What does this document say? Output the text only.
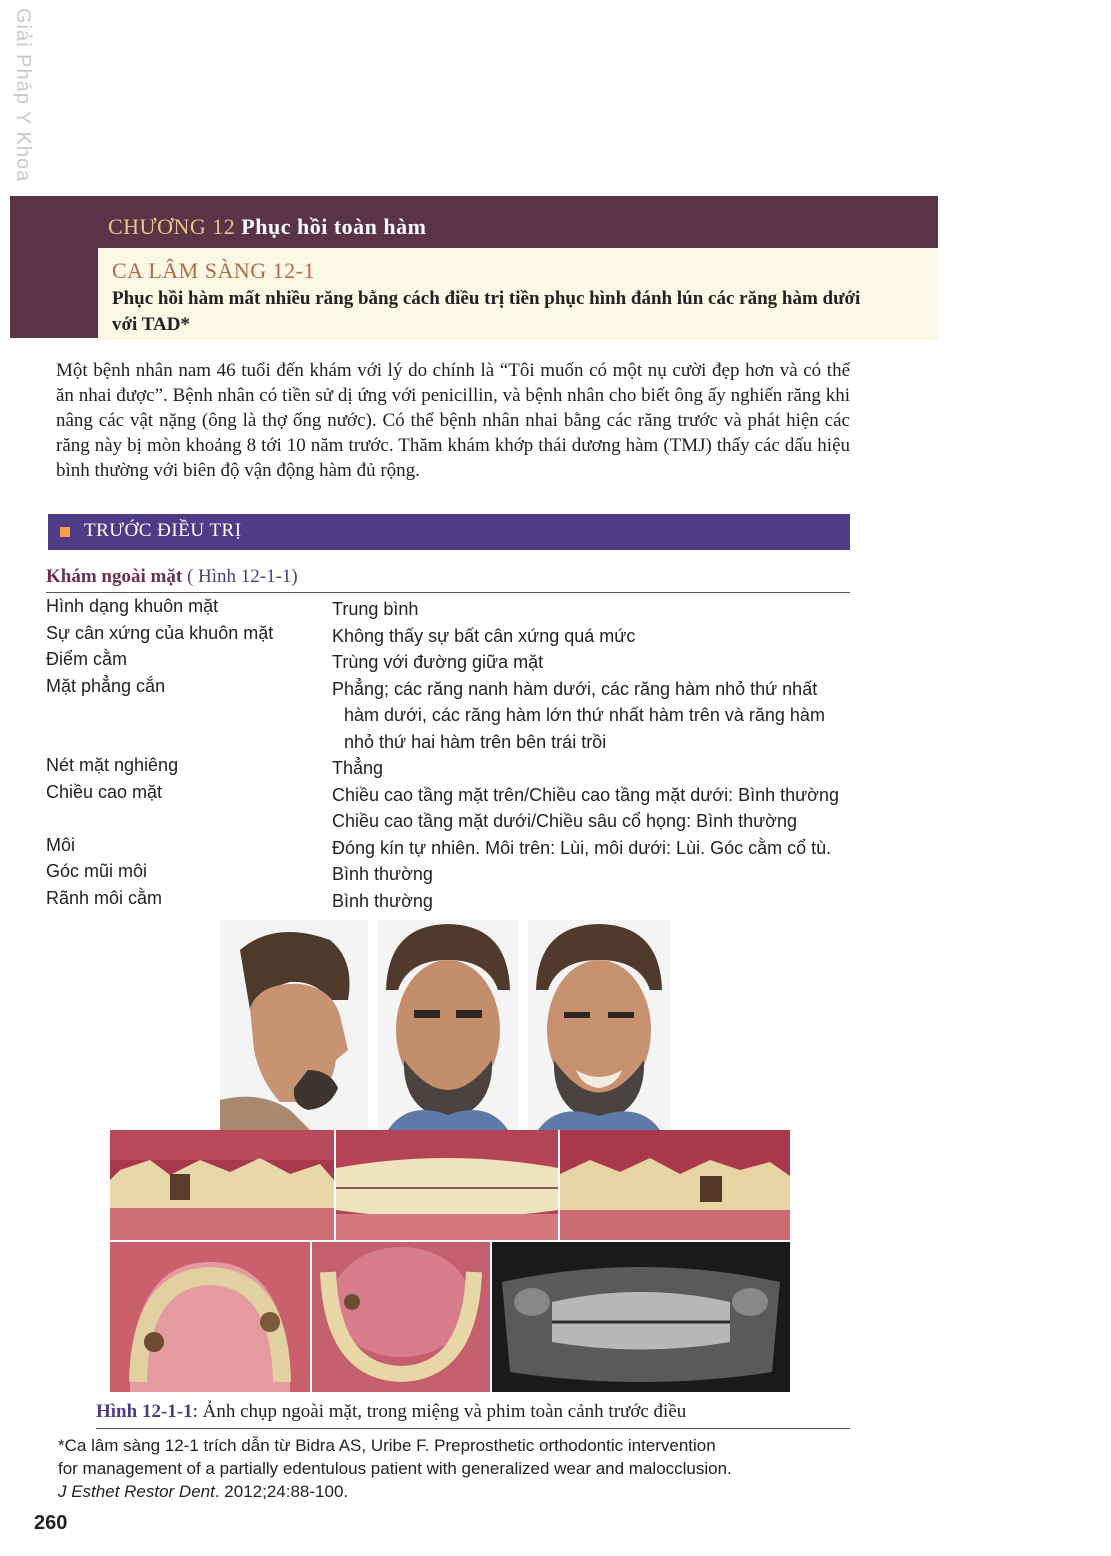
Giải Pháp Y Khoa
CHƯƠNG 12 Phục hồi toàn hàm
CA LÂM SÀNG 12-1
Phục hồi hàm mất nhiều răng bằng cách điều trị tiền phục hình đánh lún các răng hàm dưới với TAD*
Một bệnh nhân nam 46 tuổi đến khám với lý do chính là “Tôi muốn có một nụ cười đẹp hơn và có thể ăn nhai được”. Bệnh nhân có tiền sử dị ứng với penicillin, và bệnh nhân cho biết ông ấy nghiến răng khi nâng các vật nặng (ông là thợ ống nước). Có thể bệnh nhân nhai bằng các răng trước và phát hiện các răng này bị mòn khoảng 8 tới 10 năm trước. Thăm khám khớp thái dương hàm (TMJ) thấy các dấu hiệu bình thường với biên độ vận động hàm đủ rộng.
TRƯỚC ĐIỀU TRỊ
Khám ngoài mặt ( Hình 12-1-1)
Hình dạng khuôn mặt	Trung bình
Sự cân xứng của khuôn mặt	Không thấy sự bất cân xứng quá mức
Điểm cằm	Trùng với đường giữa mặt
Mặt phẳng cắn	Phẳng; các răng nanh hàm dưới, các răng hàm nhỏ thứ nhất
hàm dưới, các răng hàm lớn thứ nhất hàm trên và răng hàm
nhỏ thứ hai hàm trên bên trái trồi
Nét mặt nghiêng	Thẳng
Chiều cao mặt	Chiều cao tầng mặt trên/Chiều cao tầng mặt dưới: Bình thường
Chiều cao tầng mặt dưới/Chiều sâu cổ họng: Bình thường
Môi	Đóng kín tự nhiên. Môi trên: Lùi, môi dưới: Lùi. Góc cằm cổ tù.
Góc mũi môi	Bình thường
Rãnh môi cằm	Bình thường
Hình 12-1-1: Ảnh chụp ngoài mặt, trong miệng và phim toàn cảnh trước điều
*Ca lâm sàng 12-1 trích dẫn từ Bidra AS, Uribe F. Preprosthetic orthodontic intervention
for management of a partially edentulous patient with generalized wear and malocclusion.
J Esthet Restor Dent. 2012;24:88-100.
260
